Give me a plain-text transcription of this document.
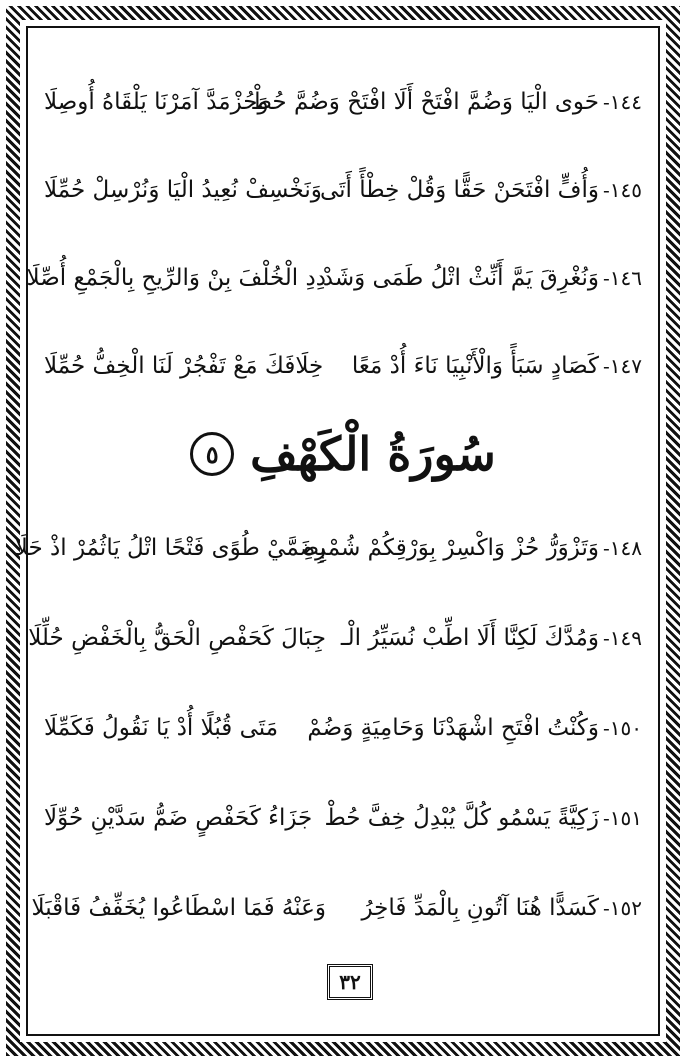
١٤٤-حَوى الْيَا وَضُمَّ افْتَحْ أَلَا افْتَحْ وَضُمَّ حُطْ
وَحُزْمَدَّ آمَرْنَا يَلْقَاهُ أُوصِلَا
١٤٥-وَأُفٍّ افْتَحَنْ حَقًّا وَقُلْ خِطْأً أَتَى
وَنَخْسِفْ نُعِيدُ الْيَا وَنُرْسِلْ حُمِّلَا
١٤٦-وَنُغْرِقَ يَمَّ أَنِّثْ اتْلُ طَمَى وَشَدْ
دِدِ الْخُلْفَ بِنْ وَالرِّيحِ بِالْجَمْعِ أُصِّلَا
١٤٧-كَصَادٍ سَبَأً وَالْأَنْبِيَا نَاءَ أُدْ مَعًا
خِلَافَكَ مَعْ تَفْجُرْ لَنَا الْخِفُّ حُمِّلَا
سُورَةُ الْكَهْفِ
٥
١٤٨-وَتَزْوَرُّ حُزْ وَاكْسِرْ بِوَرْقِكُمْ شُمْرِهِ
بِضَمَّيْ طُوًى فَتْحًا اتْلُ يَاثُمُرْ اذْ حَلَا
١٤٩-وَمُدَّكَ لَكِنَّا أَلَا اطِّبْ نُسَيِّرُ الْـ
جِبَالَ كَحَفْصِ الْحَقُّ بِالْخَفْضِ حُلِّلَا
١٥٠-وَكُنْتُ افْتَحِ اشْهَدْنَا وَحَامِيَةٍ وَضُمْ
مَتَى قُبُلًا أُدْ يَا نَقُولُ فَكَمِّلَا
١٥١-زَكِيَّةً يَسْمُو كُلَّ يُبْدِلُ خِفَّ حُطْ
جَزَاءُ كَحَفْصٍ ضَمُّ سَدَّيْنِ حُوِّلَا
١٥٢-كَسَدًّا هُنَا آتُونِ بِالْمَدِّ فَاخِرُ
وَعَنْهُ فَمَا اسْطَاعُوا يُخَفِّفُ فَاقْبَلَا
٣٢
